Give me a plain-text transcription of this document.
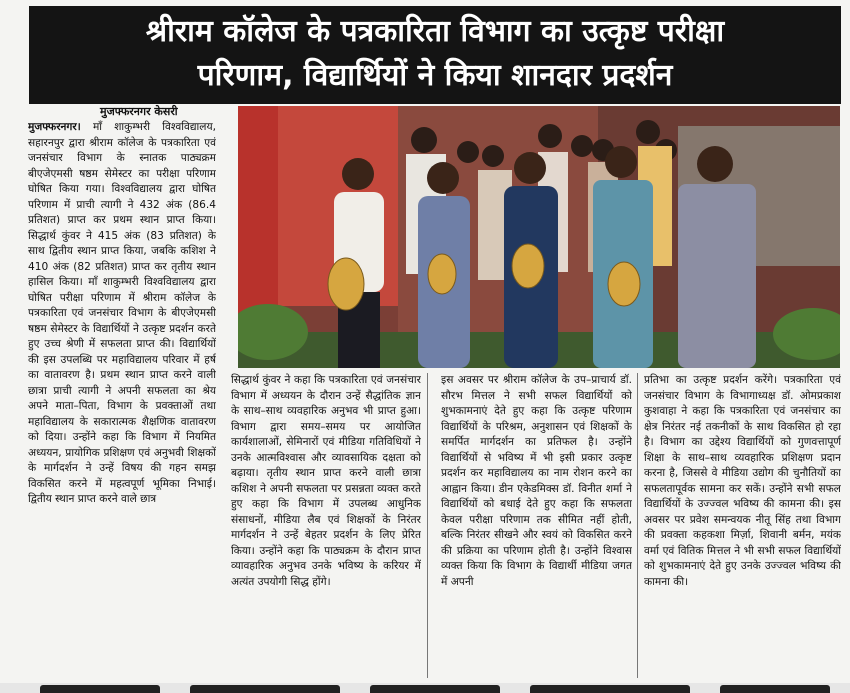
श्रीराम कॉलेज के पत्रकारिता विभाग का उत्कृष्ट परीक्षा
परिणाम, विद्यार्थियों ने किया शानदार प्रदर्शन
मुजफ्फरनगर केसरी
मुजफ्फरनगर। माँ शाकुम्भरी विश्वविद्यालय, सहारनपुर द्वारा श्रीराम कॉलेज के पत्रकारिता एवं जनसंचार विभाग के स्नातक पाठ्यक्रम बीएजेएमसी षष्ठम सेमेस्टर का परीक्षा परिणाम घोषित किया गया। विश्वविद्यालय द्वारा घोषित परिणाम में प्राची त्यागी ने 432 अंक (86.4 प्रतिशत) प्राप्त कर प्रथम स्थान प्राप्त किया। सिद्धार्थ कुंवर ने 415 अंक (83 प्रतिशत) के साथ द्वितीय स्थान प्राप्त किया, जबकि कशिश ने 410 अंक (82 प्रतिशत) प्राप्त कर तृतीय स्थान हासिल किया। माँ शाकुम्भरी विश्वविद्यालय द्वारा घोषित परीक्षा परिणाम में श्रीराम कॉलेज के पत्रकारिता एवं जनसंचार विभाग के बीएजेएमसी षष्ठम सेमेस्टर के विद्यार्थियों ने उत्कृष्ट प्रदर्शन करते हुए उच्च श्रेणी में सफलता प्राप्त की। विद्यार्थियों की इस उपलब्धि पर महाविद्यालय परिवार में हर्ष का वातावरण है। प्रथम स्थान प्राप्त करने वाली छात्रा प्राची त्यागी ने अपनी सफलता का श्रेय अपने माता–पिता, विभाग के प्रवक्ताओं तथा महाविद्यालय के सकारात्मक शैक्षणिक वातावरण को दिया। उन्होंने कहा कि विभाग में नियमित अध्ययन, प्रायोगिक प्रशिक्षण एवं अनुभवी शिक्षकों के मार्गदर्शन ने उन्हें विषय की गहन समझ विकसित करने में महत्वपूर्ण भूमिका निभाई। द्वितीय स्थान प्राप्त करने वाले छात्र
सिद्धार्थ कुंवर ने कहा कि पत्रकारिता एवं जनसंचार विभाग में अध्ययन के दौरान उन्हें सैद्धांतिक ज्ञान के साथ–साथ व्यवहारिक अनुभव भी प्राप्त हुआ। विभाग द्वारा समय–समय पर आयोजित कार्यशालाओं, सेमिनारों एवं मीडिया गतिविधियों ने उनके आत्मविश्वास और व्यावसायिक दक्षता को बढ़ाया। तृतीय स्थान प्राप्त करने वाली छात्रा कशिश ने अपनी सफलता पर प्रसन्नता व्यक्त करते हुए कहा कि विभाग में उपलब्ध आधुनिक संसाधनों, मीडिया लैब एवं शिक्षकों के निरंतर मार्गदर्शन ने उन्हें बेहतर प्रदर्शन के लिए प्रेरित किया। उन्होंने कहा कि पाठ्यक्रम के दौरान प्राप्त व्यावहारिक अनुभव उनके भविष्य के करियर में अत्यंत उपयोगी सिद्ध होंगे।
इस अवसर पर श्रीराम कॉलेज के उप–प्राचार्य डॉ. सौरभ मित्तल ने सभी सफल विद्यार्थियों को शुभकामनाएं देते हुए कहा कि उत्कृष्ट परिणाम विद्यार्थियों के परिश्रम, अनुशासन एवं शिक्षकों के समर्पित मार्गदर्शन का प्रतिफल है। उन्होंने विद्यार्थियों से भविष्य में भी इसी प्रकार उत्कृष्ट प्रदर्शन कर महाविद्यालय का नाम रोशन करने का आह्वान किया। डीन एकेडमिक्स डॉ. विनीत शर्मा ने विद्यार्थियों को बधाई देते हुए कहा कि सफलता केवल परीक्षा परिणाम तक सीमित नहीं होती, बल्कि निरंतर सीखने और स्वयं को विकसित करने की प्रक्रिया का परिणाम होती है। उन्होंने विश्वास व्यक्त किया कि विभाग के विद्यार्थी मीडिया जगत में अपनी
प्रतिभा का उत्कृष्ट प्रदर्शन करेंगे। पत्रकारिता एवं जनसंचार विभाग के विभागाध्यक्ष डॉ. ओमप्रकाश कुशवाहा ने कहा कि पत्रकारिता एवं जनसंचार का क्षेत्र निरंतर नई तकनीकों के साथ विकसित हो रहा है। विभाग का उद्देश्य विद्यार्थियों को गुणवत्तापूर्ण शिक्षा के साथ–साथ व्यवहारिक प्रशिक्षण प्रदान करना है, जिससे वे मीडिया उद्योग की चुनौतियों का सफलतापूर्वक सामना कर सकें। उन्होंने सभी सफल विद्यार्थियों के उज्ज्वल भविष्य की कामना की। इस अवसर पर प्रवेश समन्वयक नीतू सिंह तथा विभाग की प्रवक्ता कहकशा मिर्ज़ा, शिवानी बर्मन, मयंक वर्मा एवं वितिक मित्तल ने भी सभी सफल विद्यार्थियों को शुभकामनाएं देते हुए उनके उज्ज्वल भविष्य की कामना की।
